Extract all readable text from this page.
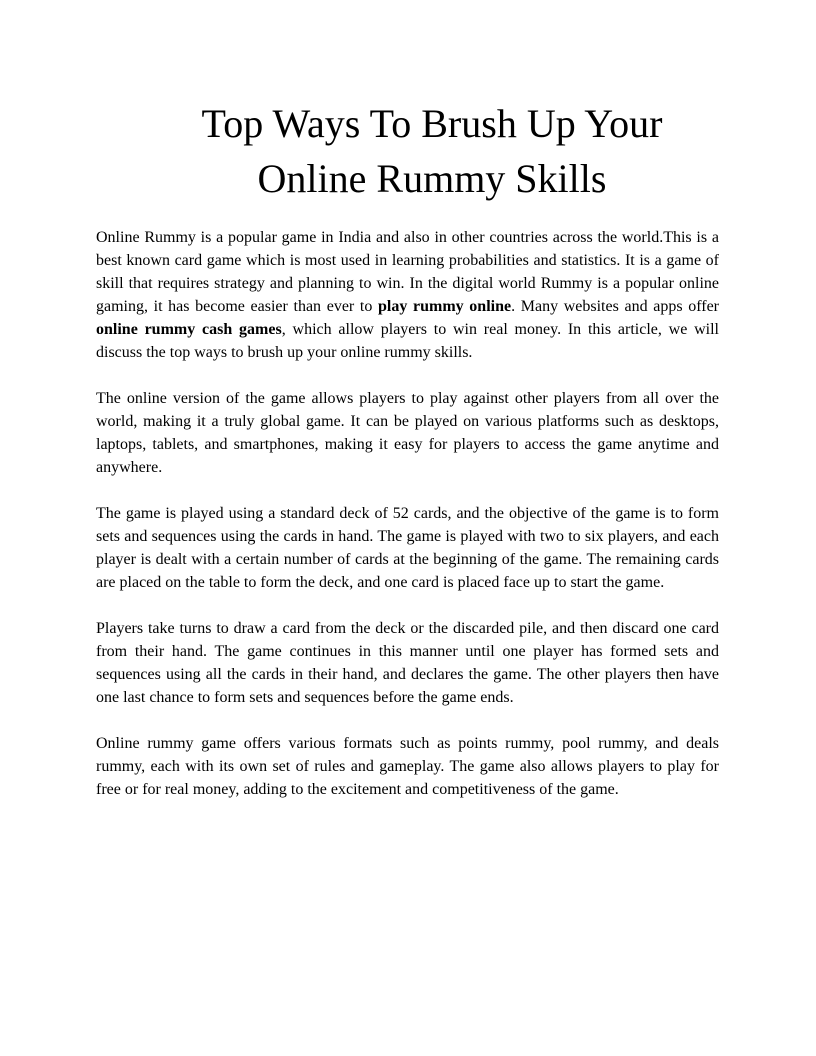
Top Ways To Brush Up Your
Online Rummy Skills

Online Rummy is a popular game in India and also in other countries across the world.This is a best known card game which is most used in learning probabilities and statistics. It is a game of skill that requires strategy and planning to win. In the digital world Rummy is a popular online gaming, it has become easier than ever to play rummy online. Many websites and apps offer online rummy cash games, which allow players to win real money. In this article, we will discuss the top ways to brush up your online rummy skills.

The online version of the game allows players to play against other players from all over the world, making it a truly global game. It can be played on various platforms such as desktops, laptops, tablets, and smartphones, making it easy for players to access the game anytime and anywhere.

The game is played using a standard deck of 52 cards, and the objective of the game is to form sets and sequences using the cards in hand. The game is played with two to six players, and each player is dealt with a certain number of cards at the beginning of the game. The remaining cards are placed on the table to form the deck, and one card is placed face up to start the game.

Players take turns to draw a card from the deck or the discarded pile, and then discard one card from their hand. The game continues in this manner until one player has formed sets and sequences using all the cards in their hand, and declares the game. The other players then have one last chance to form sets and sequences before the game ends.

Online rummy game offers various formats such as points rummy, pool rummy, and deals rummy, each with its own set of rules and gameplay. The game also allows players to play for free or for real money, adding to the excitement and competitiveness of the game.
